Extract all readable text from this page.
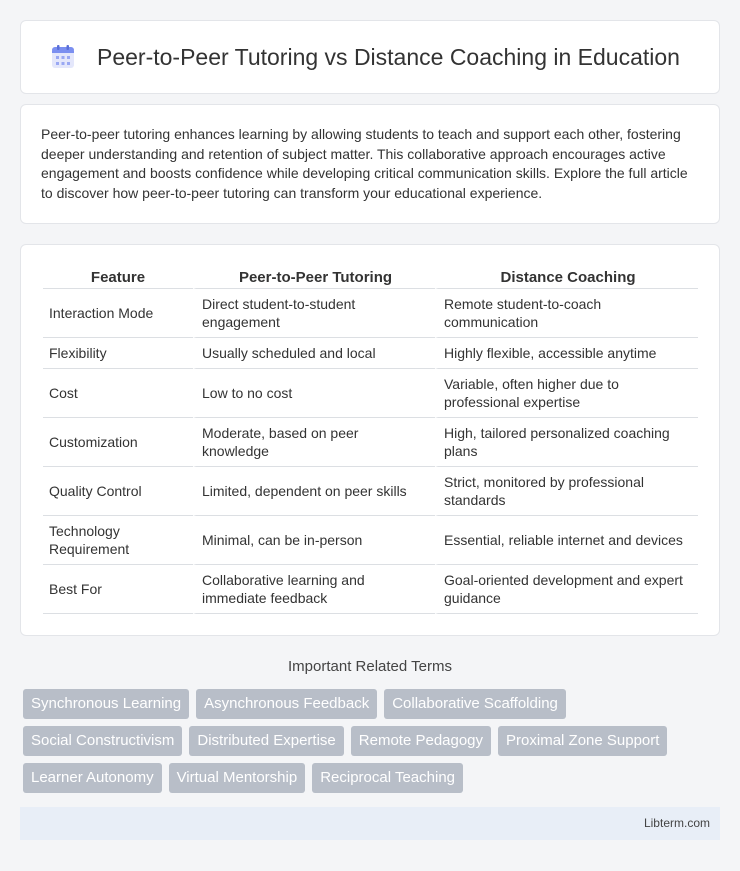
Peer-to-Peer Tutoring vs Distance Coaching in Education

Peer-to-peer tutoring enhances learning by allowing students to teach and support each other, fostering deeper understanding and retention of subject matter. This collaborative approach encourages active engagement and boosts confidence while developing critical communication skills. Explore the full article to discover how peer-to-peer tutoring can transform your educational experience.

Feature	Peer-to-Peer Tutoring	Distance Coaching
Interaction Mode	Direct student-to-student engagement	Remote student-to-coach communication
Flexibility	Usually scheduled and local	Highly flexible, accessible anytime
Cost	Low to no cost	Variable, often higher due to professional expertise
Customization	Moderate, based on peer knowledge	High, tailored personalized coaching plans
Quality Control	Limited, dependent on peer skills	Strict, monitored by professional standards
Technology Requirement	Minimal, can be in-person	Essential, reliable internet and devices
Best For	Collaborative learning and immediate feedback	Goal-oriented development and expert guidance
Important Related Terms
Synchronous Learning	Asynchronous Feedback	Collaborative Scaffolding
Social Constructivism	Distributed Expertise	Remote Pedagogy	Proximal Zone Support
Learner Autonomy	Virtual Mentorship	Reciprocal Teaching
Libterm.com
